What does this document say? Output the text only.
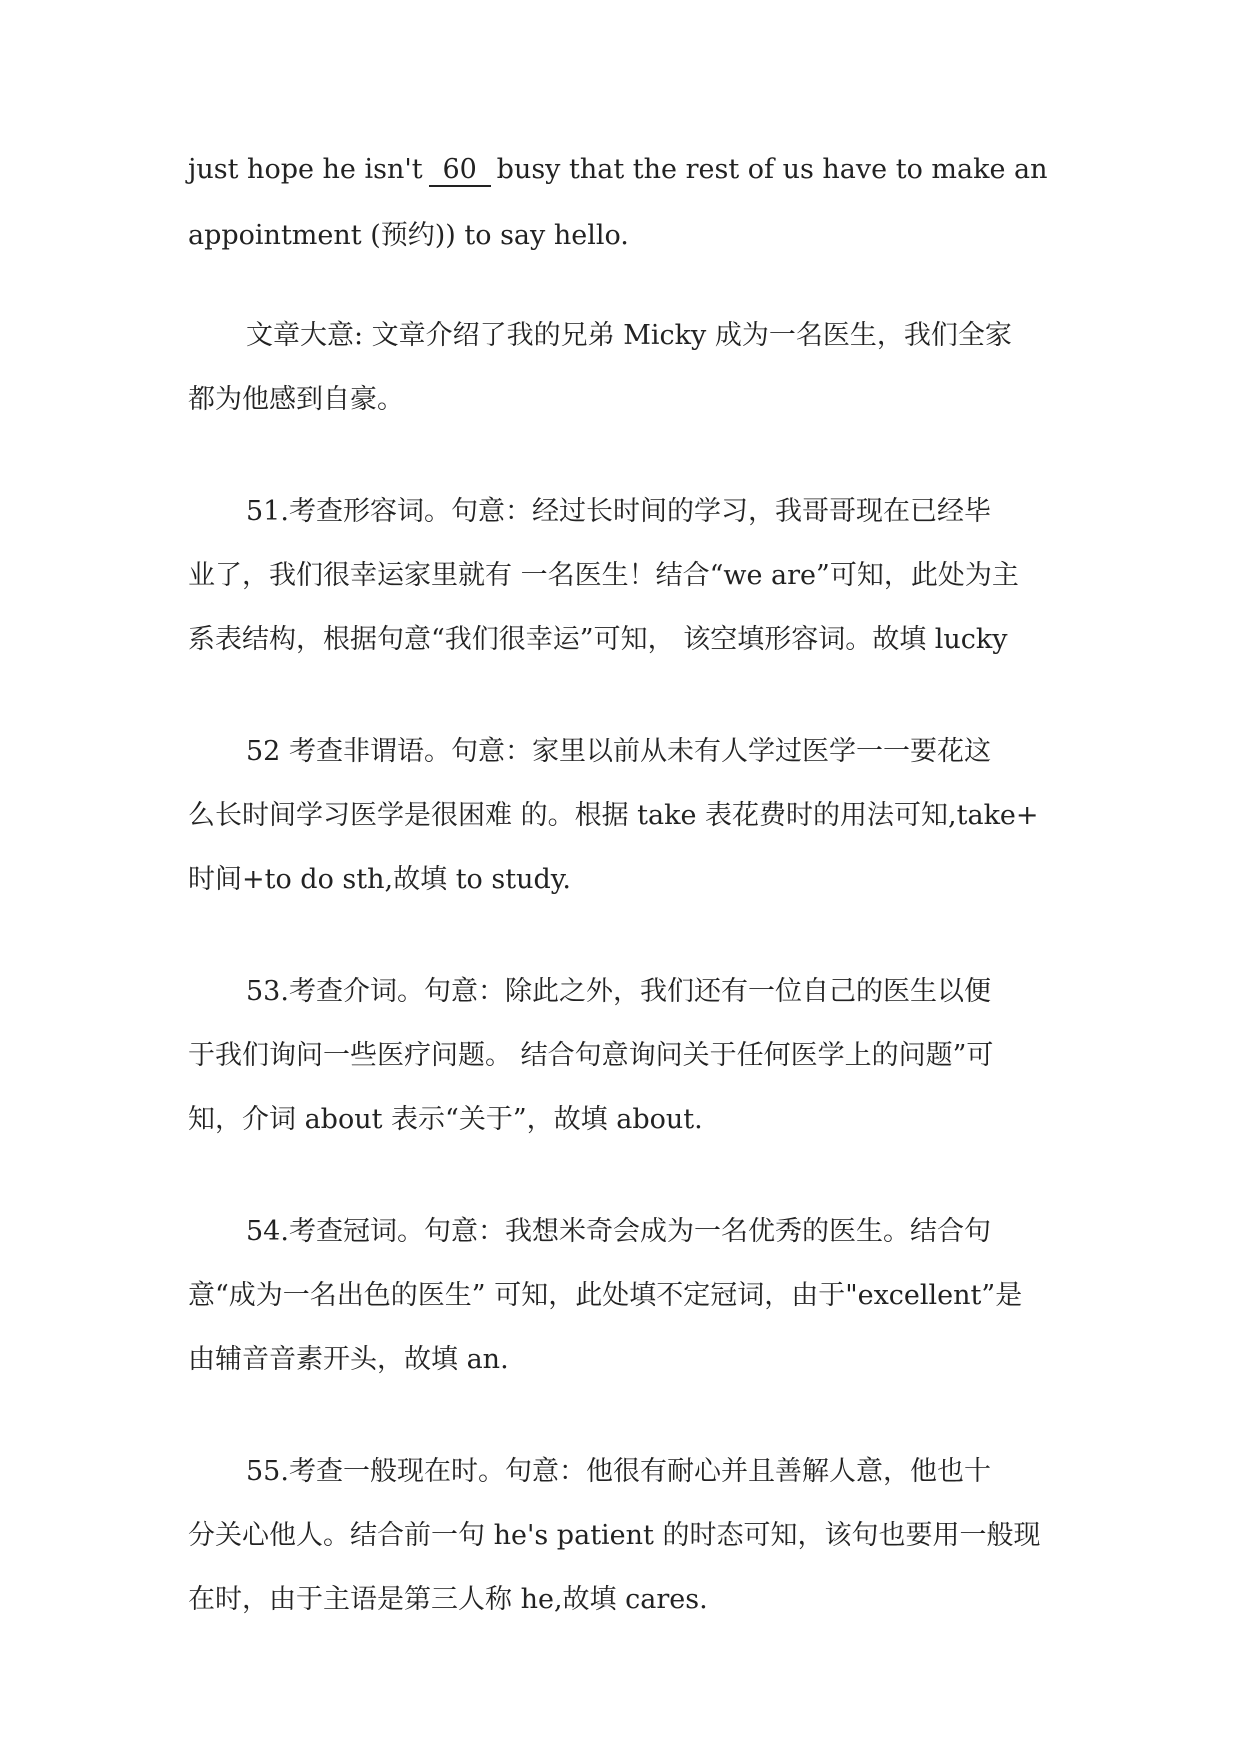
just hope he isn't 60 busy that the rest of us have to make an

appointment (预约)) to say hello.

文章大意: 文章介绍了我的兄弟 Micky 成为一名医生，我们全家

都为他感到自豪。

51.考查形容词。句意：经过长时间的学习，我哥哥现在已经毕

业了，我们很幸运家里就有 一名医生！结合“we are”可知，此处为主

系表结构，根据句意“我们很幸运”可知， 该空填形容词。故填 lucky

52 考查非谓语。句意：家里以前从未有人学过医学一一要花这

么长时间学习医学是很困难 的。根据 take 表花费时的用法可知,take+

时间+to do sth,故填 to study.

53.考查介词。句意：除此之外，我们还有一位自己的医生以便

于我们询问一些医疗问题。 结合句意询问关于任何医学上的问题”可

知，介词 about 表示“关于”，故填 about.

54.考查冠词。句意：我想米奇会成为一名优秀的医生。结合句

意“成为一名出色的医生” 可知，此处填不定冠词，由于"excellent”是

由辅音音素开头，故填 an.

55.考查一般现在时。句意：他很有耐心并且善解人意，他也十

分关心他人。结合前一句 he's patient 的时态可知，该句也要用一般现

在时，由于主语是第三人称 he,故填 cares.
